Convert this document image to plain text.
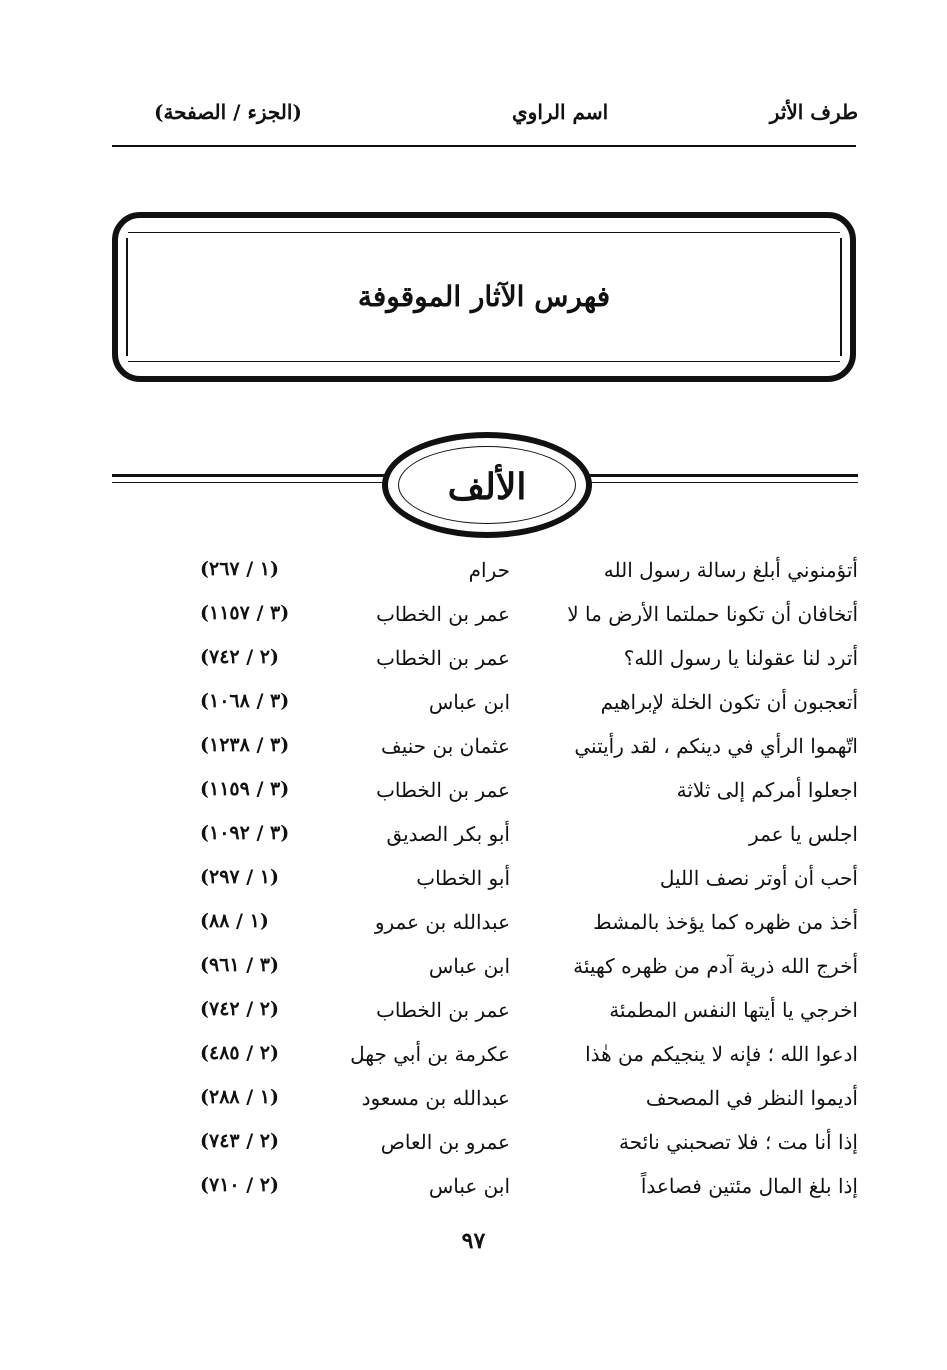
طرف الأثر
اسم الراوي
(الجزء / الصفحة)
فهرس الآثار الموقوفة
الألف
أتؤمنوني أبلغ رسالة رسول الله
حرام
(١ / ٢٦٧)
أتخافان أن تكونا حملتما الأرض ما لا
عمر بن الخطاب
(٣ / ١١٥٧)
أترد لنا عقولنا يا رسول الله؟
عمر بن الخطاب
(٢ / ٧٤٢)
أتعجبون أن تكون الخلة لإبراهيم
ابن عباس
(٣ / ١٠٦٨)
اتّهموا الرأي في دينكم ، لقد رأيتني
عثمان بن حنيف
(٣ / ١٢٣٨)
اجعلوا أمركم إلى ثلاثة
عمر بن الخطاب
(٣ / ١١٥٩)
اجلس يا عمر
أبو بكر الصديق
(٣ / ١٠٩٢)
أحب أن أوتر نصف الليل
أبو الخطاب
(١ / ٢٩٧)
أخذ من ظهره كما يؤخذ بالمشط
عبدالله بن عمرو
(١ / ٨٨)
أخرج الله ذرية آدم من ظهره كهيئة
ابن عباس
(٣ / ٩٦١)
اخرجي يا أيتها النفس المطمئة
عمر بن الخطاب
(٢ / ٧٤٢)
ادعوا الله ؛ فإنه لا ينجيكم من هٰذا
عكرمة بن أبي جهل
(٢ / ٤٨٥)
أديموا النظر في المصحف
عبدالله بن مسعود
(١ / ٢٨٨)
إذا أنا مت ؛ فلا تصحبني نائحة
عمرو بن العاص
(٢ / ٧٤٣)
إذا بلغ المال مئتين فصاعداً
ابن عباس
(٢ / ٧١٠)
٩٧
